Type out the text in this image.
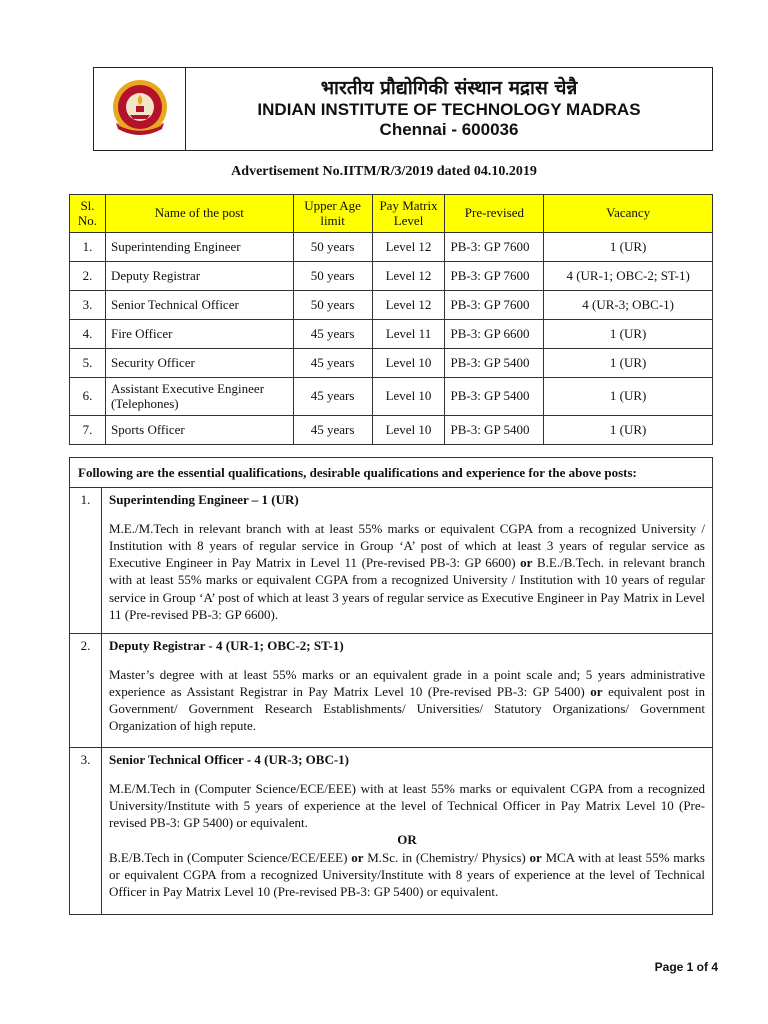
भारतीय प्रौद्योगिकी संस्थान मद्रास चेन्नै
INDIAN INSTITUTE OF TECHNOLOGY MADRAS
Chennai - 600036
Advertisement No.IITM/R/3/2019 dated 04.10.2019
Sl. No.	Name of the post	Upper Age limit	Pay Matrix Level	Pre-revised	Vacancy
1.	Superintending Engineer	50 years	Level 12	PB-3: GP 7600	1 (UR)
2.	Deputy Registrar	50 years	Level 12	PB-3: GP 7600	4 (UR-1; OBC-2; ST-1)
3.	Senior Technical Officer	50 years	Level 12	PB-3: GP 7600	4 (UR-3; OBC-1)
4.	Fire Officer	45 years	Level 11	PB-3: GP 6600	1 (UR)
5.	Security Officer	45 years	Level 10	PB-3: GP 5400	1 (UR)
6.	Assistant Executive Engineer (Telephones)	45 years	Level 10	PB-3: GP 5400	1 (UR)
7.	Sports Officer	45 years	Level 10	PB-3: GP 5400	1 (UR)
Following are the essential qualifications, desirable qualifications and experience for the above posts:
1.	Superintending Engineer – 1 (UR)
M.E./M.Tech in relevant branch with at least 55% marks or equivalent CGPA from a recognized University / Institution with 8 years of regular service in Group ‘A’ post of which at least 3 years of regular service as Executive Engineer in Pay Matrix in Level 11 (Pre-revised PB-3: GP 6600) or B.E./B.Tech. in relevant branch with at least 55% marks or equivalent CGPA from a recognized University / Institution with 10 years of regular service in Group ‘A’ post of which at least 3 years of regular service as Executive Engineer in Pay Matrix in Level 11 (Pre-revised PB-3: GP 6600).
2.	Deputy Registrar - 4 (UR-1; OBC-2; ST-1)
Master’s degree with at least 55% marks or an equivalent grade in a point scale and; 5 years administrative experience as Assistant Registrar in Pay Matrix Level 10 (Pre-revised PB-3: GP 5400) or equivalent post in Government/ Government Research Establishments/ Universities/ Statutory Organizations/ Government Organization of high repute.
3.	Senior Technical Officer - 4 (UR-3; OBC-1)
M.E/M.Tech in (Computer Science/ECE/EEE) with at least 55% marks or equivalent CGPA from a recognized University/Institute with 5 years of experience at the level of Technical Officer in Pay Matrix Level 10 (Pre-revised PB-3: GP 5400) or equivalent.
OR
B.E/B.Tech in (Computer Science/ECE/EEE) or M.Sc. in (Chemistry/ Physics) or MCA with at least 55% marks or equivalent CGPA from a recognized University/Institute with 8 years of experience at the level of Technical Officer in Pay Matrix Level 10 (Pre-revised PB-3: GP 5400) or equivalent.
Page 1 of 4
